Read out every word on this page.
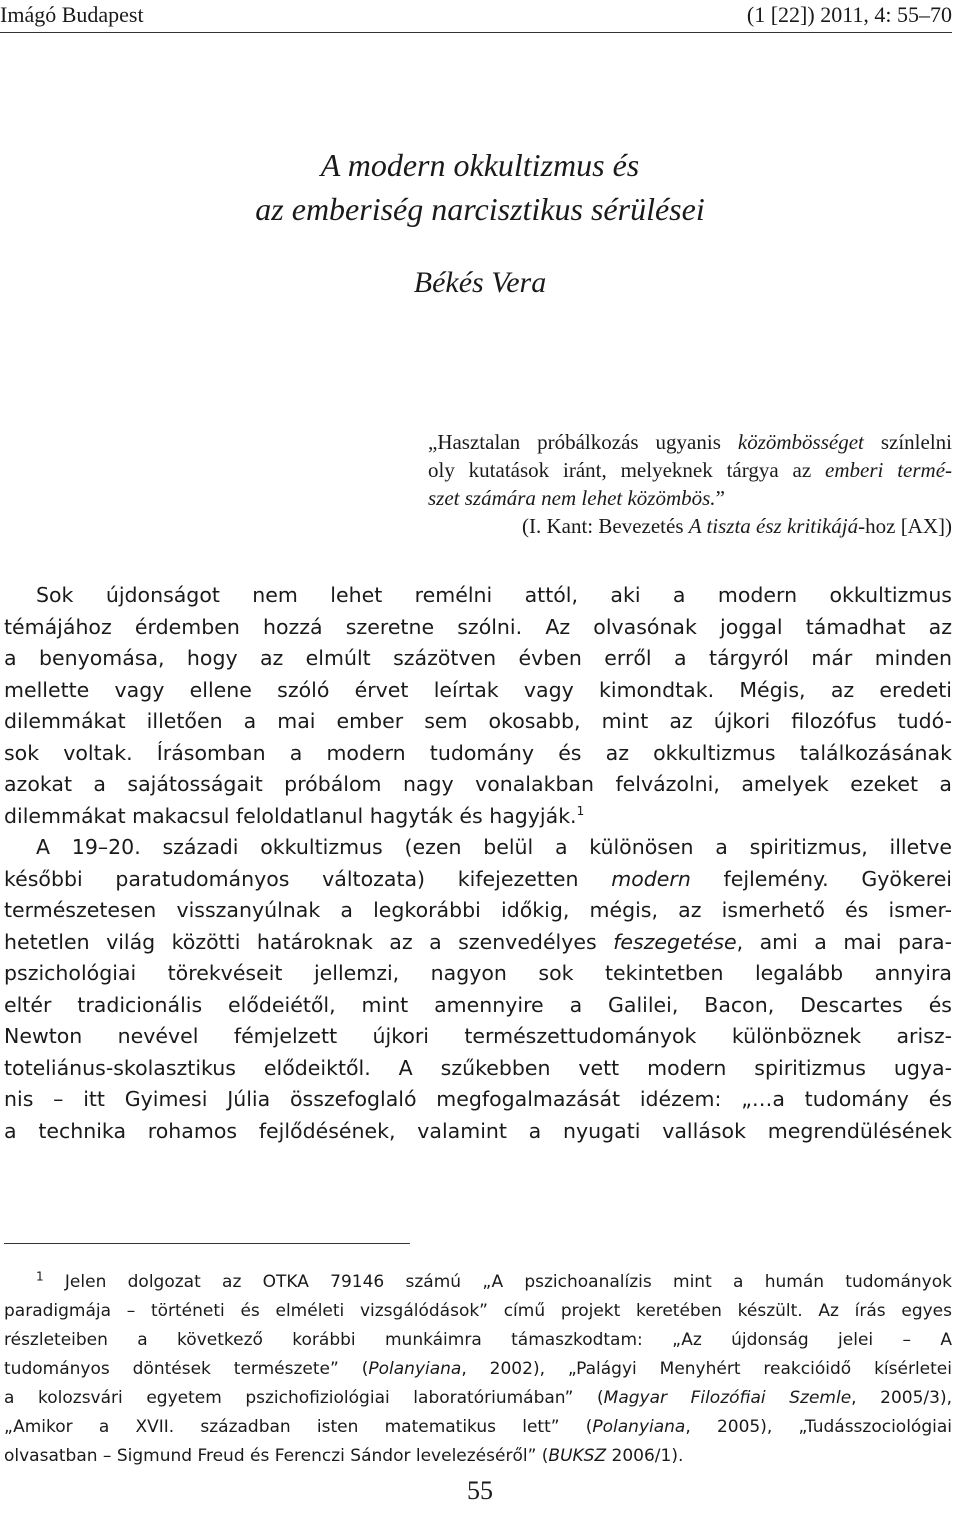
Imágó Budapest	(1 [22]) 2011, 4: 55–70
A modern okkultizmus és
az emberiség narcisztikus sérülései
Békés Vera
„Hasztalan próbálkozás ugyanis közömbösséget színlelni
oly kutatások iránt, melyeknek tárgya az emberi termé-
szet számára nem lehet közömbös.”
(I. Kant: Bevezetés A tiszta ész kritikájá-hoz [AX])
Sok újdonságot nem lehet remélni attól, aki a modern okkultizmus
témájához érdemben hozzá szeretne szólni. Az olvasónak joggal támadhat az
a benyomása, hogy az elmúlt százötven évben erről a tárgyról már minden
mellette vagy ellene szóló érvet leírtak vagy kimondtak. Mégis, az eredeti
dilemmákat illetően a mai ember sem okosabb, mint az újkori filozófus tudó-
sok voltak. Írásomban a modern tudomány és az okkultizmus találkozásának
azokat a sajátosságait próbálom nagy vonalakban felvázolni, amelyek ezeket a
dilemmákat makacsul feloldatlanul hagyták és hagyják.$^1$
A 19–20. századi okkultizmus (ezen belül a különösen a spiritizmus, illetve
későbbi paratudományos változata) kifejezetten modern fejlemény. Gyökerei
természetesen visszanyúlnak a legkorábbi időkig, mégis, az ismerhető és ismer-
hetetlen világ közötti határoknak az a szenvedélyes feszegetése, ami a mai para-
pszichológiai törekvéseit jellemzi, nagyon sok tekintetben legalább annyira
eltér tradicionális elődeiétől, mint amennyire a Galilei, Bacon, Descartes és
Newton nevével fémjelzett újkori természettudományok különböznek arisz-
toteliánus-skolasztikus elődeiktől. A szűkebben vett modern spiritizmus ugya-
nis – itt Gyimesi Júlia összefoglaló megfogalmazását idézem: „…a tudomány és
a technika rohamos fejlődésének, valamint a nyugati vallások megrendülésének
$^1$ Jelen dolgozat az OTKA 79146 számú „A pszichoanalízis mint a humán tudományok
paradigmája – történeti és elméleti vizsgálódások” című projekt keretében készült. Az írás egyes
részleteiben a következő korábbi munkáimra támaszkodtam: „Az újdonság jelei – A
tudományos döntések természete” (Polanyiana, 2002), „Palágyi Menyhért reakcióidő kísérletei
a kolozsvári egyetem pszichofiziológiai laboratóriumában” (Magyar Filozófiai Szemle, 2005/3),
„Amikor a XVII. században isten matematikus lett” (Polanyiana, 2005), „Tudásszociológiai
olvasatban – Sigmund Freud és Ferenczi Sándor levelezéséről” (BUKSZ 2006/1).
55
